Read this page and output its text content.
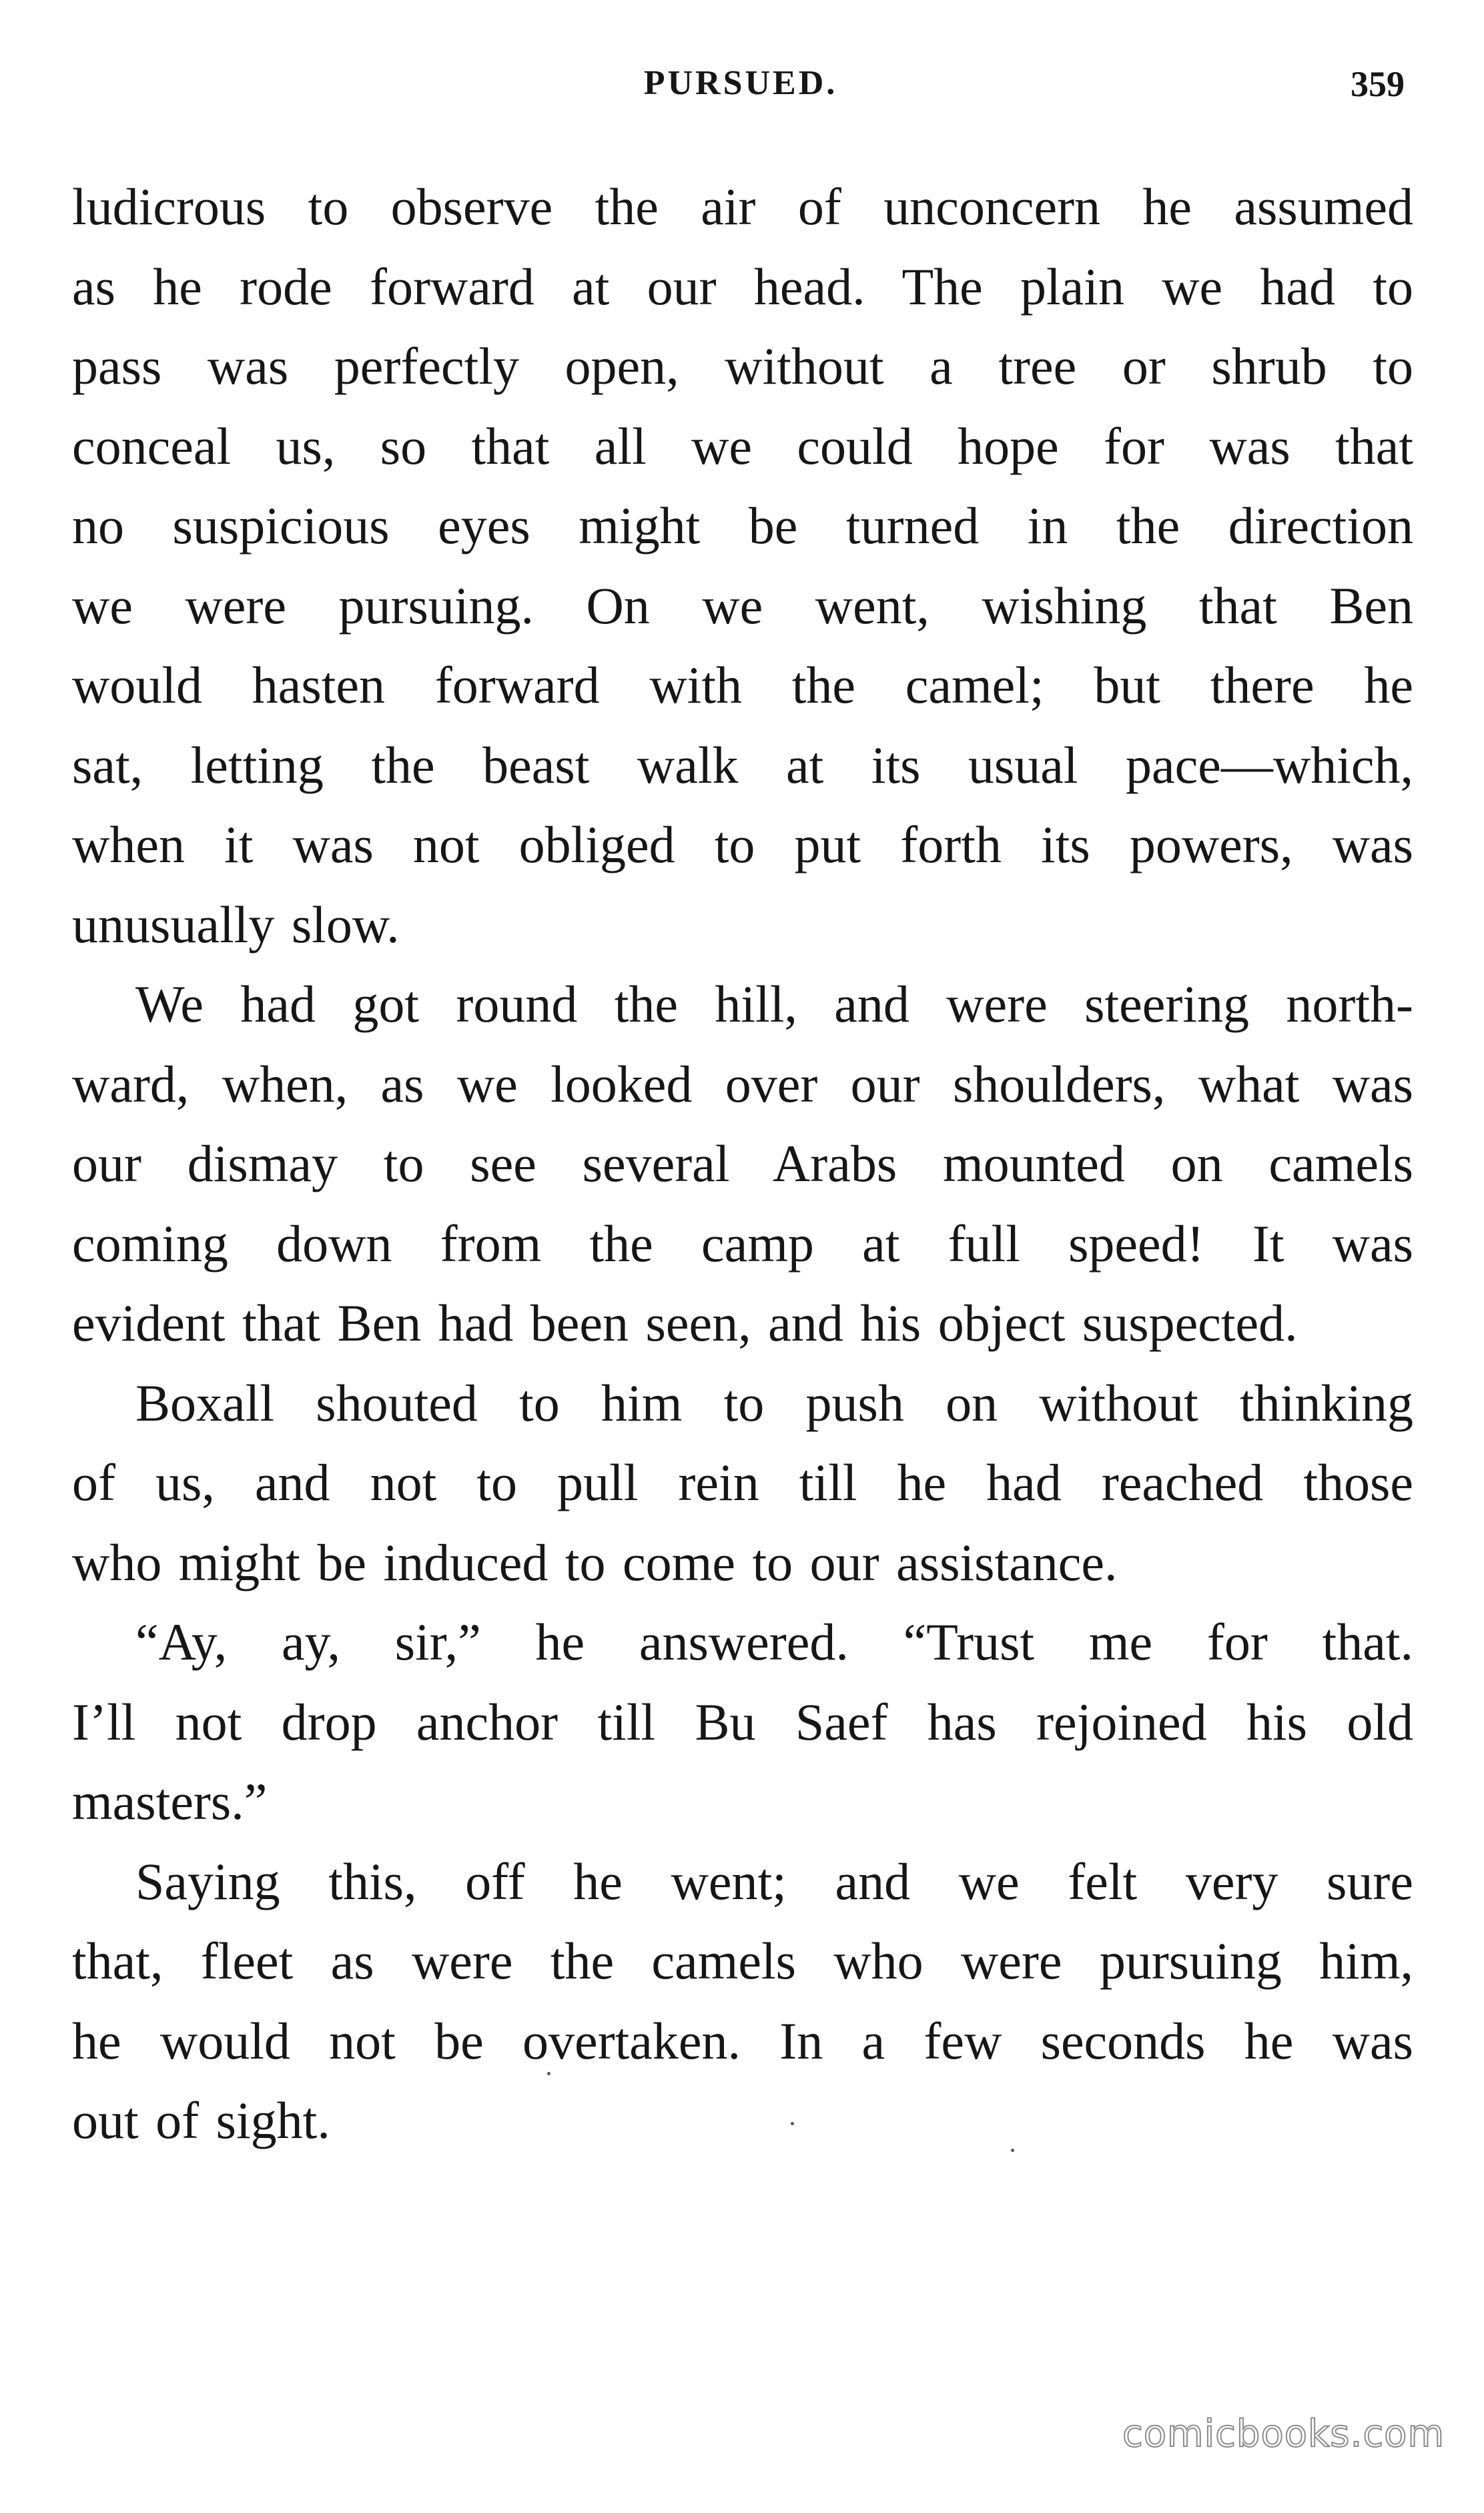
PURSUED.	359

ludicrous to observe the air of unconcern he assumed
as he rode forward at our head. The plain we had to
pass was perfectly open, without a tree or shrub to
conceal us, so that all we could hope for was that
no suspicious eyes might be turned in the direction
we were pursuing. On we went, wishing that Ben
would hasten forward with the camel; but there he
sat, letting the beast walk at its usual pace—which,
when it was not obliged to put forth its powers, was
unusually slow.

We had got round the hill, and were steering north-
ward, when, as we looked over our shoulders, what was
our dismay to see several Arabs mounted on camels
coming down from the camp at full speed! It was
evident that Ben had been seen, and his object suspected.

Boxall shouted to him to push on without thinking
of us, and not to pull rein till he had reached those
who might be induced to come to our assistance.

“Ay, ay, sir,” he answered. “Trust me for that.
I’ll not drop anchor till Bu Saef has rejoined his old
masters.”

Saying this, off he went; and we felt very sure
that, fleet as were the camels who were pursuing him,
he would not be overtaken. In a few seconds he was
out of sight.

comicbooks.com
